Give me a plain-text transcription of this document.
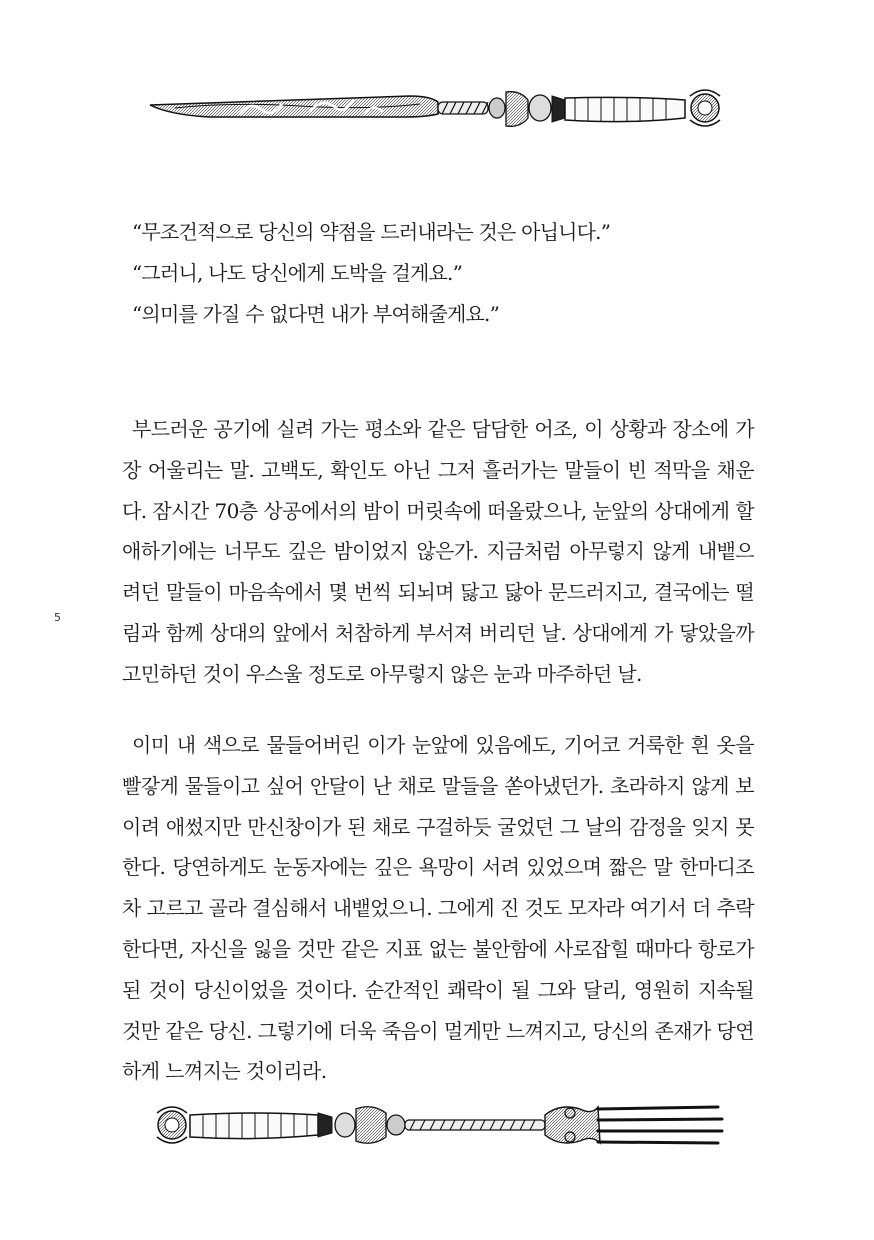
“무조건적으로 당신의 약점을 드러내라는 것은 아닙니다.”
“그러니, 나도 당신에게 도박을 걸게요.”
“의미를 가질 수 없다면 내가 부여해줄게요.”

부드러운 공기에 실려 가는 평소와 같은 담담한 어조, 이 상황과 장소에 가장 어울리는 말. 고백도, 확인도 아닌 그저 흘러가는 말들이 빈 적막을 채운다. 잠시간 70층 상공에서의 밤이 머릿속에 떠올랐으나, 눈앞의 상대에게 할애하기에는 너무도 깊은 밤이었지 않은가. 지금처럼 아무렇지 않게 내뱉으려던 말들이 마음속에서 몇 번씩 되뇌며 닳고 닳아 문드러지고, 결국에는 떨림과 함께 상대의 앞에서 처참하게 부서져 버리던 날. 상대에게 가 닿았을까 고민하던 것이 우스울 정도로 아무렇지 않은 눈과 마주하던 날.

이미 내 색으로 물들어버린 이가 눈앞에 있음에도, 기어코 거룩한 흰 옷을 빨갛게 물들이고 싶어 안달이 난 채로 말들을 쏟아냈던가. 초라하지 않게 보이려 애썼지만 만신창이가 된 채로 구걸하듯 굴었던 그 날의 감정을 잊지 못한다. 당연하게도 눈동자에는 깊은 욕망이 서려 있었으며 짧은 말 한마디조차 고르고 골라 결심해서 내뱉었으니. 그에게 진 것도 모자라 여기서 더 추락한다면, 자신을 잃을 것만 같은 지표 없는 불안함에 사로잡힐 때마다 항로가 된 것이 당신이었을 것이다. 순간적인 쾌락이 될 그와 달리, 영원히 지속될 것만 같은 당신. 그렇기에 더욱 죽음이 멀게만 느껴지고, 당신의 존재가 당연하게 느껴지는 것이리라.

5
